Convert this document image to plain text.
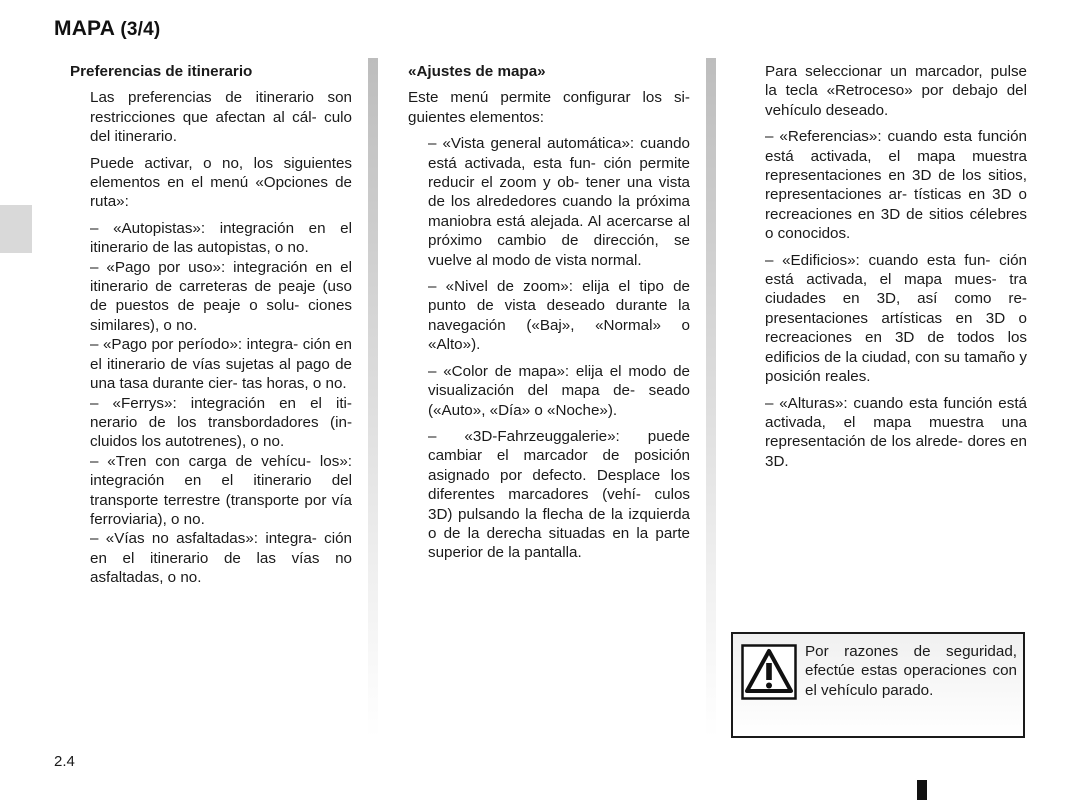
MAPA (3/4)

Preferencias de itinerario

Las preferencias de itinerario son restricciones que afectan al cál- culo del itinerario.

Puede activar, o no, los siguientes elementos en el menú «Opciones de ruta»:

– «Autopistas»: integración en el itinerario de las autopistas, o no.

– «Pago por uso»: integración en el itinerario de carreteras de peaje (uso de puestos de peaje o solu- ciones similares), o no.

– «Pago por período»: integra- ción en el itinerario de vías sujetas al pago de una tasa durante cier- tas horas, o no.

– «Ferrys»: integración en el iti- nerario de los transbordadores (in- cluidos los autotrenes), o no.

– «Tren con carga de vehícu- los»: integración en el itinerario del transporte terrestre (transporte por vía ferroviaria), o no.

– «Vías no asfaltadas»: integra- ción en el itinerario de las vías no asfaltadas, o no.

«Ajustes de mapa»

Este menú permite configurar los si- guientes elementos:

– «Vista general automática»: cuando está activada, esta fun- ción permite reducir el zoom y ob- tener una vista de los alrededores cuando la próxima maniobra está alejada. Al acercarse al próximo cambio de dirección, se vuelve al modo de vista normal.

– «Nivel de zoom»: elija el tipo de punto de vista deseado durante la navegación («Baj», «Normal» o «Alto»).

– «Color de mapa»: elija el modo de visualización del mapa de- seado («Auto», «Día» o «Noche»).

– «3D-Fahrzeuggalerie»: puede cambiar el marcador de posición asignado por defecto. Desplace los diferentes marcadores (vehí- culos 3D) pulsando la flecha de la izquierda o de la derecha situadas en la parte superior de la pantalla.

Para seleccionar un marcador, pulse la tecla «Retroceso» por debajo del vehículo deseado.

– «Referencias»: cuando esta función está activada, el mapa muestra representaciones en 3D de los sitios, representaciones ar- tísticas en 3D o recreaciones en 3D de sitios célebres o conocidos.

– «Edificios»: cuando esta fun- ción está activada, el mapa mues- tra ciudades en 3D, así como re- presentaciones artísticas en 3D o recreaciones en 3D de todos los edificios de la ciudad, con su tamaño y posición reales.

– «Alturas»: cuando esta función está activada, el mapa muestra una representación de los alrede- dores en 3D.

Por razones de seguridad, efectúe estas operaciones con el vehículo parado.
2.4
